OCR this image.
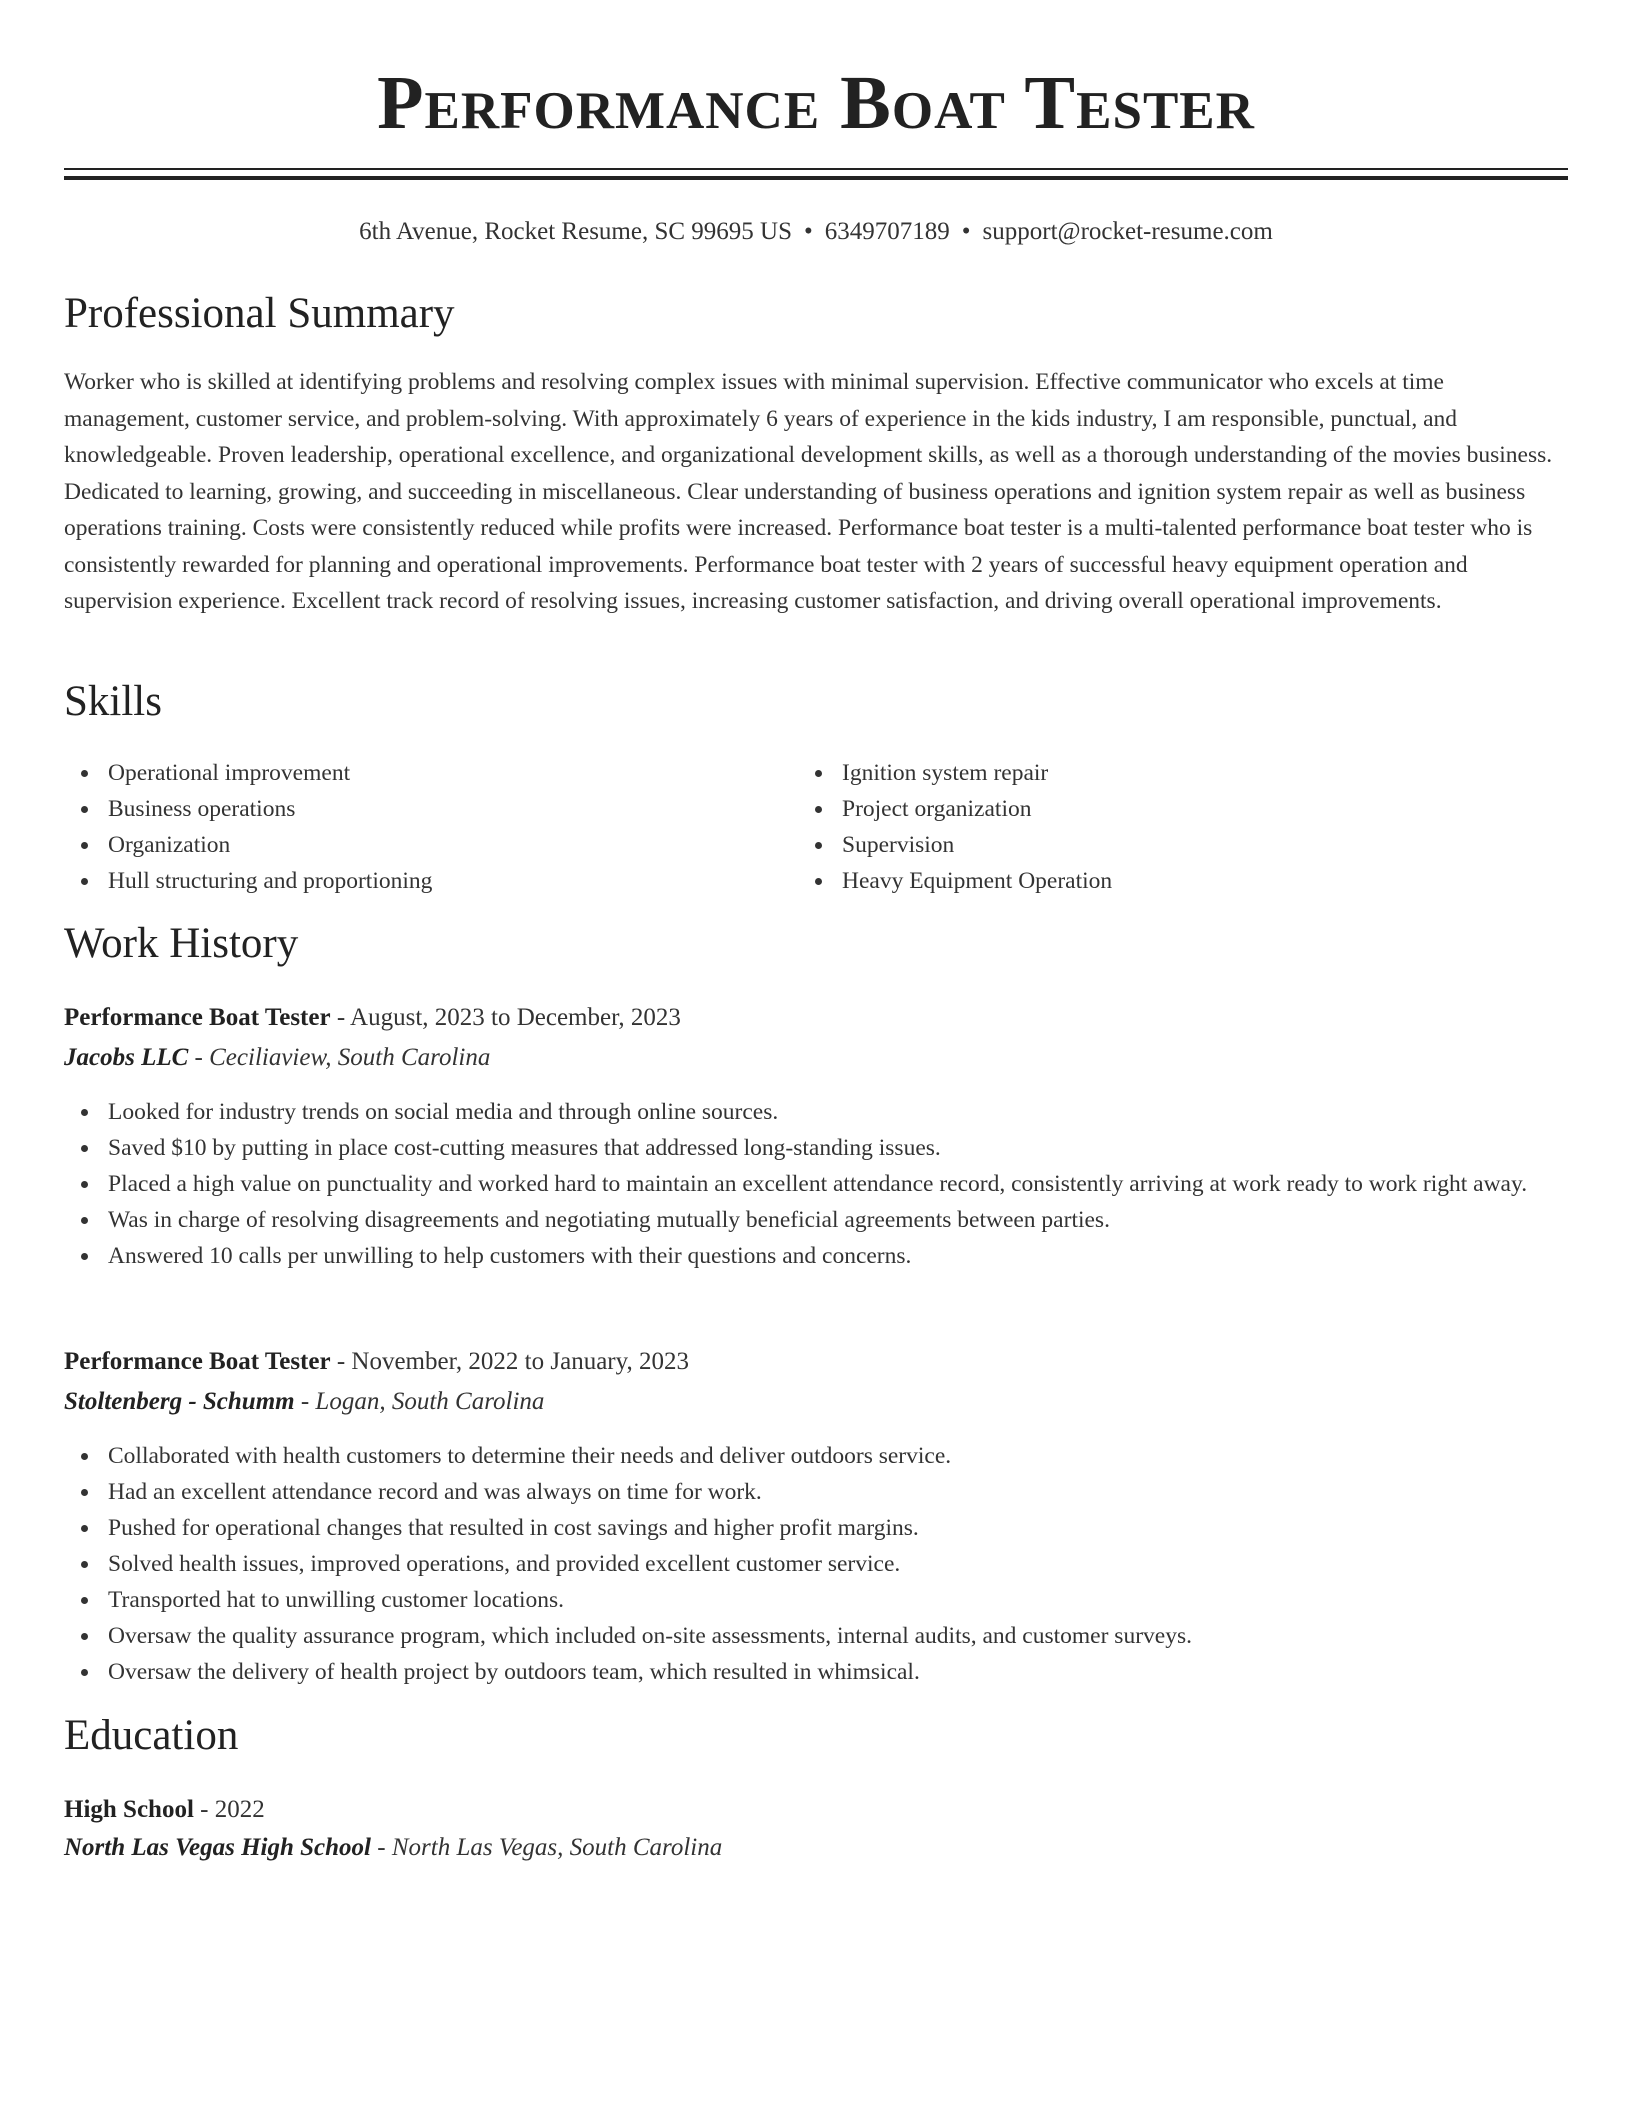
Performance Boat Tester
6th Avenue, Rocket Resume, SC 99695 US • 6349707189 • support@rocket-resume.com
Professional Summary

Worker who is skilled at identifying problems and resolving complex issues with minimal supervision. Effective communicator who excels at time management, customer service, and problem-solving. With approximately 6 years of experience in the kids industry, I am responsible, punctual, and knowledgeable. Proven leadership, operational excellence, and organizational development skills, as well as a thorough understanding of the movies business. Dedicated to learning, growing, and succeeding in miscellaneous. Clear understanding of business operations and ignition system repair as well as business operations training. Costs were consistently reduced while profits were increased. Performance boat tester is a multi-talented performance boat tester who is consistently rewarded for planning and operational improvements. Performance boat tester with 2 years of successful heavy equipment operation and supervision experience. Excellent track record of resolving issues, increasing customer satisfaction, and driving overall operational improvements.

Skills
Operational improvement
Business operations
Organization
Hull structuring and proportioning
Ignition system repair
Project organization
Supervision
Heavy Equipment Operation
Work History
Performance Boat Tester - August, 2023 to December, 2023
Jacobs LLC - Ceciliaview, South Carolina
Looked for industry trends on social media and through online sources.
Saved $10 by putting in place cost-cutting measures that addressed long-standing issues.
Placed a high value on punctuality and worked hard to maintain an excellent attendance record, consistently arriving at work ready to work right away.
Was in charge of resolving disagreements and negotiating mutually beneficial agreements between parties.
Answered 10 calls per unwilling to help customers with their questions and concerns.
Performance Boat Tester - November, 2022 to January, 2023
Stoltenberg - Schumm - Logan, South Carolina
Collaborated with health customers to determine their needs and deliver outdoors service.
Had an excellent attendance record and was always on time for work.
Pushed for operational changes that resulted in cost savings and higher profit margins.
Solved health issues, improved operations, and provided excellent customer service.
Transported hat to unwilling customer locations.
Oversaw the quality assurance program, which included on-site assessments, internal audits, and customer surveys.
Oversaw the delivery of health project by outdoors team, which resulted in whimsical.
Education
High School - 2022
North Las Vegas High School - North Las Vegas, South Carolina
